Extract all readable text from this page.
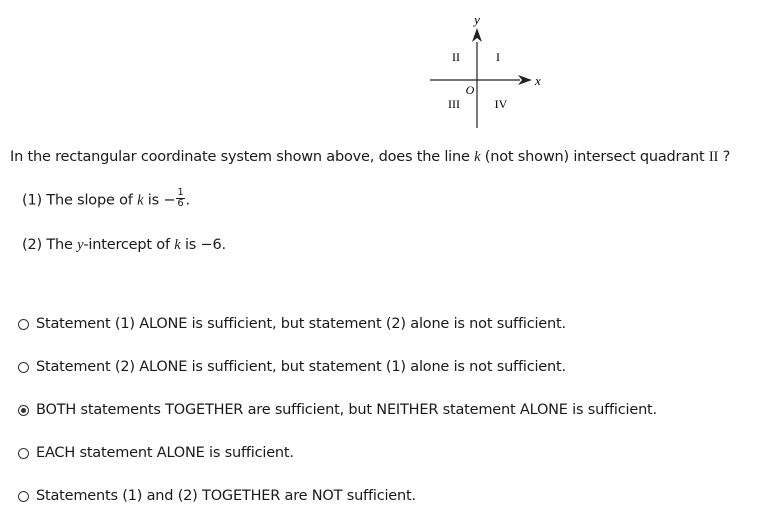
y
x
O
I
II
III	IV

In the rectangular coordinate system shown above, does the line k (not shown) intersect quadrant II ?

(1) The slope of k is − $\frac{1}{6}$ .

(2) The y-intercept of k is −6.

Statement (1) ALONE is sufficient, but statement (2) alone is not sufficient.
Statement (2) ALONE is sufficient, but statement (1) alone is not sufficient.
BOTH statements TOGETHER are sufficient, but NEITHER statement ALONE is sufficient.
EACH statement ALONE is sufficient.
Statements (1) and (2) TOGETHER are NOT sufficient.
